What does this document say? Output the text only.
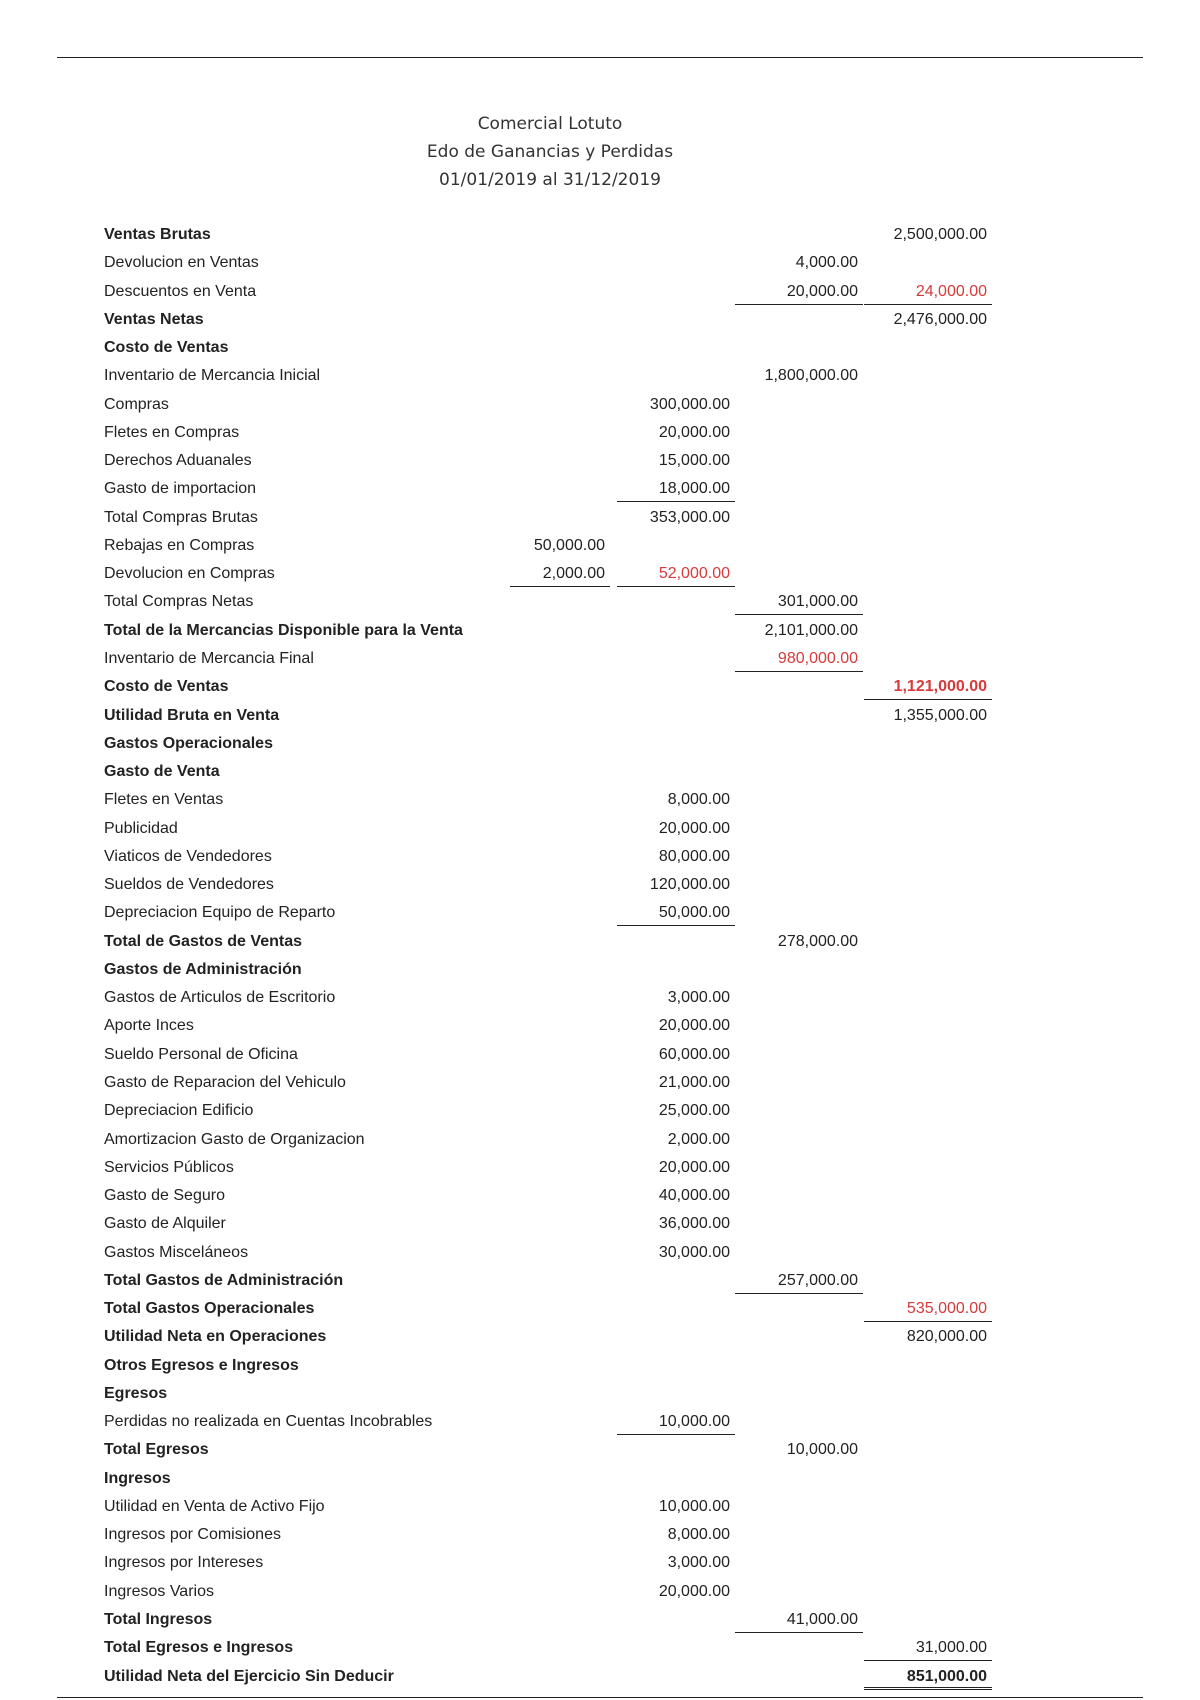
Comercial Lotuto
Edo de Ganancias y Perdidas
01/01/2019 al 31/12/2019
Ventas Brutas	2,500,000.00
Devolucion en Ventas	4,000.00
Descuentos en Venta	20,000.00	24,000.00
Ventas Netas	2,476,000.00
Costo de Ventas
Inventario de Mercancia Inicial	1,800,000.00
Compras	300,000.00
Fletes en Compras	20,000.00
Derechos Aduanales	15,000.00
Gasto de importacion	18,000.00
Total Compras Brutas	353,000.00
Rebajas en Compras	50,000.00
Devolucion en Compras	2,000.00	52,000.00
Total Compras Netas	301,000.00
Total de la Mercancias Disponible para la Venta	2,101,000.00
Inventario de Mercancia Final	980,000.00
Costo de Ventas	1,121,000.00
Utilidad Bruta en Venta	1,355,000.00
Gastos Operacionales
Gasto de Venta
Fletes en Ventas	8,000.00
Publicidad	20,000.00
Viaticos de Vendedores	80,000.00
Sueldos de Vendedores	120,000.00
Depreciacion Equipo de Reparto	50,000.00
Total de Gastos de Ventas	278,000.00
Gastos de Administración
Gastos de Articulos de Escritorio	3,000.00
Aporte Inces	20,000.00
Sueldo Personal de Oficina	60,000.00
Gasto de Reparacion del Vehiculo	21,000.00
Depreciacion Edificio	25,000.00
Amortizacion Gasto de Organizacion	2,000.00
Servicios Públicos	20,000.00
Gasto de Seguro	40,000.00
Gasto de Alquiler	36,000.00
Gastos Misceláneos	30,000.00
Total Gastos de Administración	257,000.00
Total Gastos Operacionales	535,000.00
Utilidad Neta en Operaciones	820,000.00
Otros Egresos e Ingresos
Egresos
Perdidas no realizada en Cuentas Incobrables	10,000.00
Total Egresos	10,000.00
Ingresos
Utilidad en Venta de Activo Fijo	10,000.00
Ingresos por Comisiones	8,000.00
Ingresos por Intereses	3,000.00
Ingresos Varios	20,000.00
Total Ingresos	41,000.00
Total Egresos e Ingresos	31,000.00
Utilidad Neta del Ejercicio Sin Deducir	851,000.00
